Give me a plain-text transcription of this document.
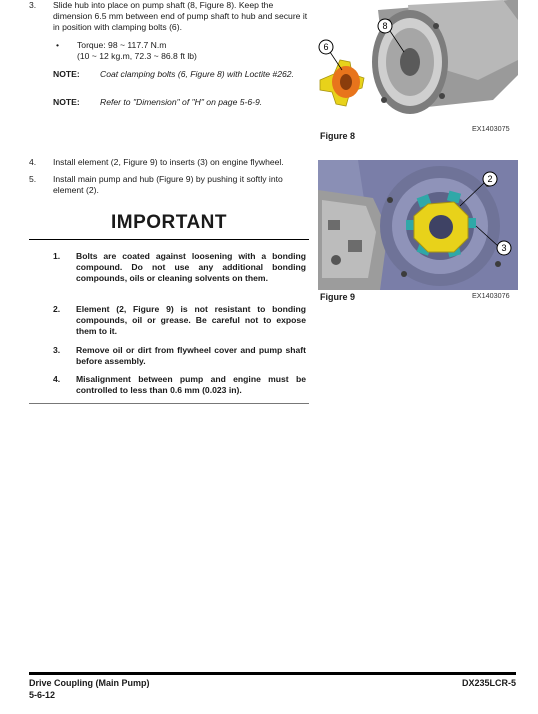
3. Slide hub into place on pump shaft (8, Figure 8). Keep the dimension 6.5 mm between end of pump shaft to hub and secure it in position with clamping bolts (6).
• Torque: 98 ~ 117.7 N.m
(10 ~ 12 kg.m, 72.3 ~ 86.8 ft lb)
NOTE: Coat clamping bolts (6, Figure 8) with Loctite #262.
NOTE: Refer to "Dimension" of "H" on page 5-6-9.
6
8
EX1403075
Figure 8
4. Install element (2, Figure 9) to inserts (3) on engine flywheel.
5. Install main pump and hub (Figure 9) by pushing it softly into element (2).
2
3
Figure 9	EX1403076
IMPORTANT
1. Bolts are coated against loosening with a bonding compound. Do not use any additional bonding compounds, oils or cleaning solvents on them.
2. Element (2, Figure 9) is not resistant to bonding compounds, oil or grease. Be careful not to expose them to it.
3. Remove oil or dirt from flywheel cover and pump shaft before assembly.
4. Misalignment between pump and engine must be controlled to less than 0.6 mm (0.023 in).
Drive Coupling (Main Pump)
5-6-12
DX235LCR-5
